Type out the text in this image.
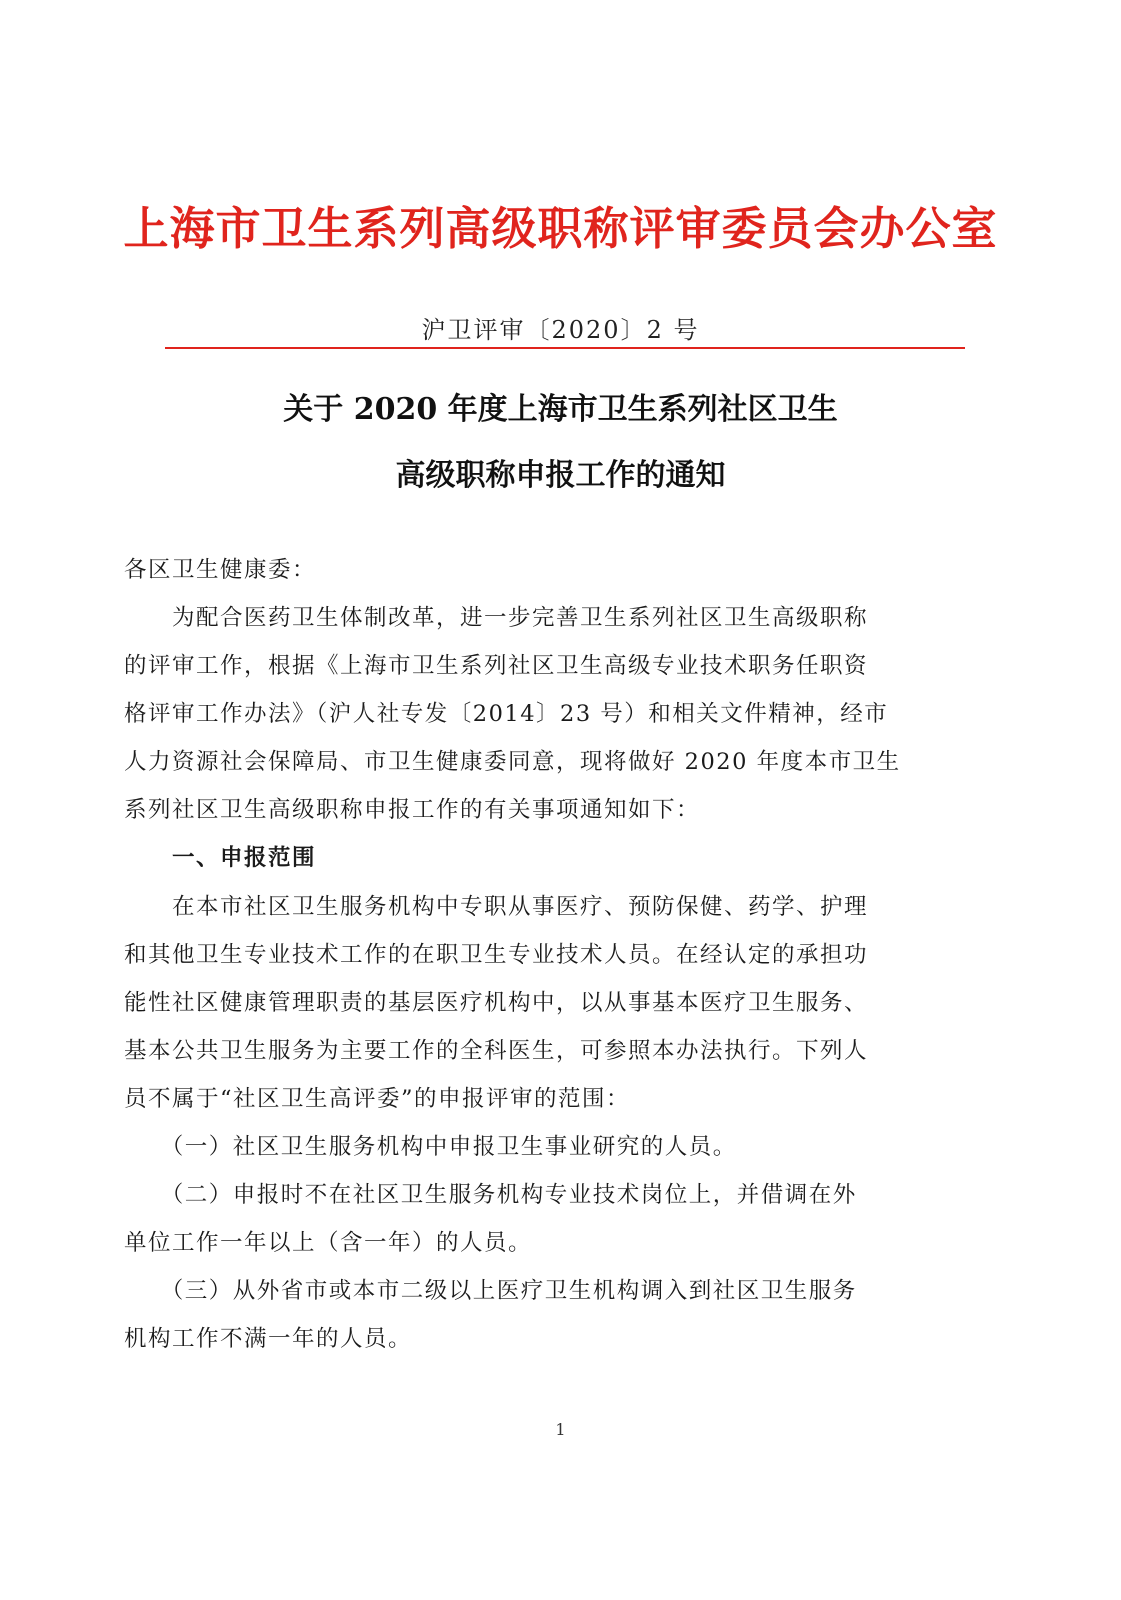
上海市卫生系列高级职称评审委员会办公室
沪卫评审〔2020〕2 号
关于 2020 年度上海市卫生系列社区卫生
高级职称申报工作的通知
各区卫生健康委：
　　为配合医药卫生体制改革，进一步完善卫生系列社区卫生高级职称
的评审工作，根据《上海市卫生系列社区卫生高级专业技术职务任职资
格评审工作办法》（沪人社专发〔2014〕23 号）和相关文件精神，经市
人力资源社会保障局、市卫生健康委同意，现将做好 2020 年度本市卫生
系列社区卫生高级职称申报工作的有关事项通知如下：
　　一、申报范围
　　在本市社区卫生服务机构中专职从事医疗、预防保健、药学、护理
和其他卫生专业技术工作的在职卫生专业技术人员。在经认定的承担功
能性社区健康管理职责的基层医疗机构中，以从事基本医疗卫生服务、
基本公共卫生服务为主要工作的全科医生，可参照本办法执行。下列人
员不属于“社区卫生高评委”的申报评审的范围：
　　（一）社区卫生服务机构中申报卫生事业研究的人员。
　　（二）申报时不在社区卫生服务机构专业技术岗位上，并借调在外
单位工作一年以上（含一年）的人员。
　　（三）从外省市或本市二级以上医疗卫生机构调入到社区卫生服务
机构工作不满一年的人员。
1
